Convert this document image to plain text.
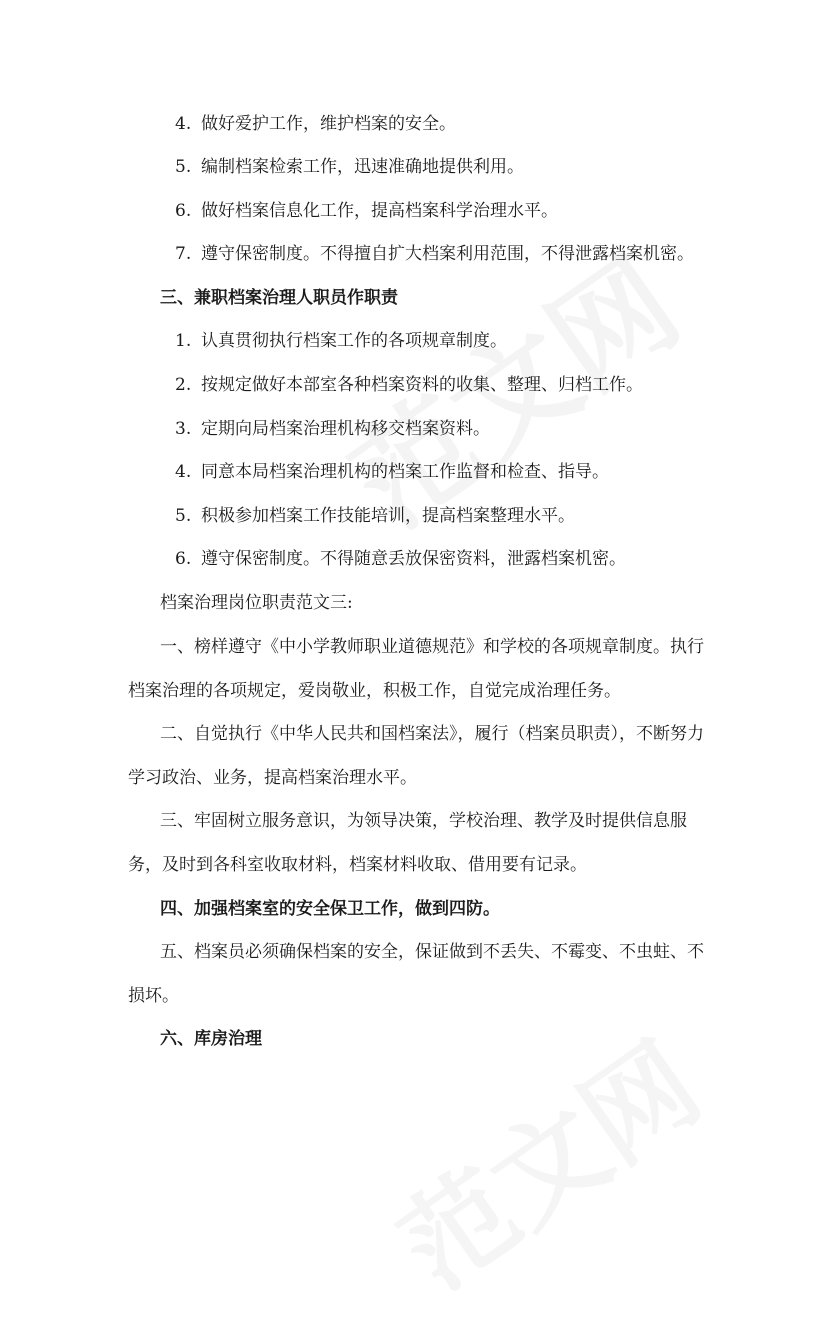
4. 做好爱护工作，维护档案的安全。
5. 编制档案检索工作，迅速准确地提供利用。
6. 做好档案信息化工作，提高档案科学治理水平。
7. 遵守保密制度。不得擅自扩大档案利用范围，不得泄露档案机密。
三、兼职档案治理人职员作职责
1. 认真贯彻执行档案工作的各项规章制度。
2. 按规定做好本部室各种档案资料的收集、整理、归档工作。
3. 定期向局档案治理机构移交档案资料。
4. 同意本局档案治理机构的档案工作监督和检查、指导。
5. 积极参加档案工作技能培训，提高档案整理水平。
6. 遵守保密制度。不得随意丢放保密资料，泄露档案机密。
档案治理岗位职责范文三:
一、榜样遵守《中小学教师职业道德规范》和学校的各项规章制度。执行
档案治理的各项规定，爱岗敬业，积极工作，自觉完成治理任务。
二、自觉执行《中华人民共和国档案法》，履行（档案员职责），不断努力
学习政治、业务，提高档案治理水平。
三、牢固树立服务意识，为领导决策，学校治理、教学及时提供信息服
务，及时到各科室收取材料，档案材料收取、借用要有记录。
四、加强档案室的安全保卫工作，做到四防。
五、档案员必须确保档案的安全，保证做到不丢失、不霉变、不虫蛀、不
损坏。
六、库房治理
